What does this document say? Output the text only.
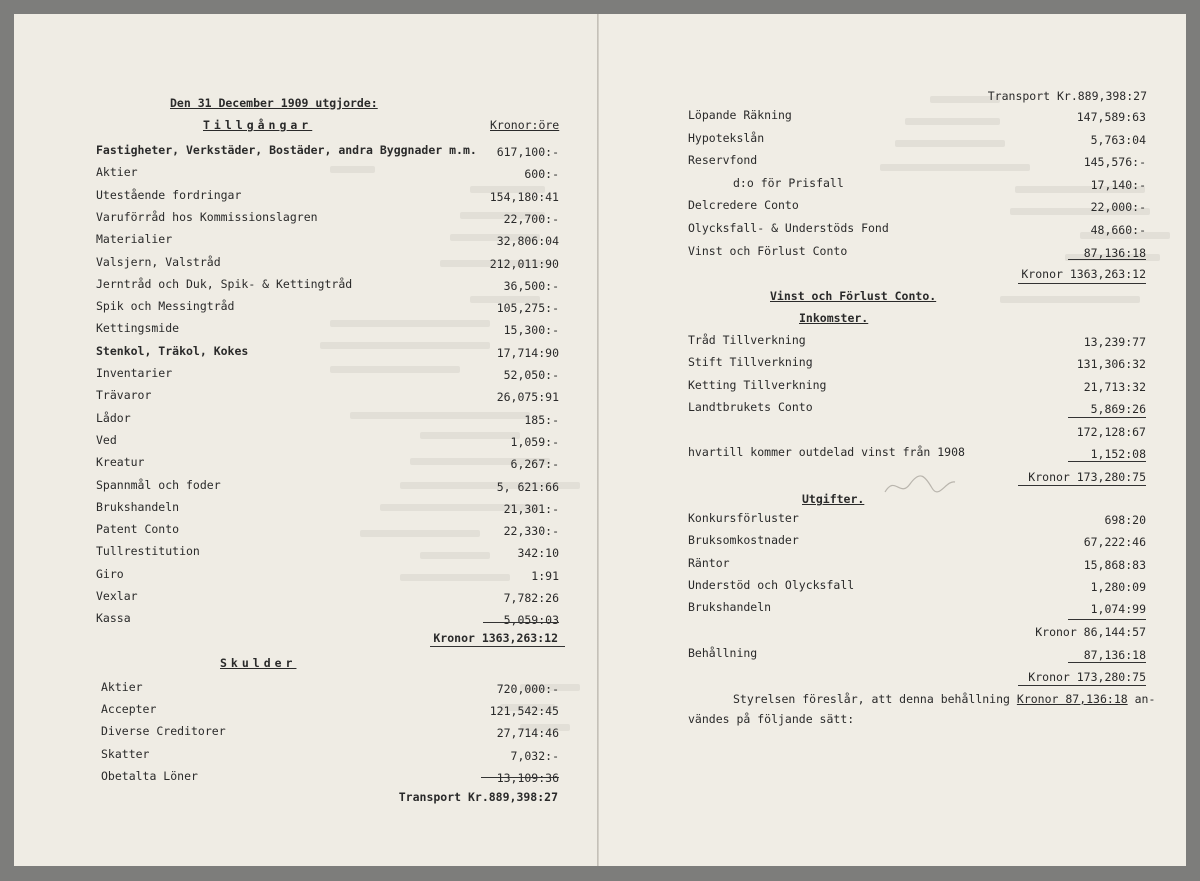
Den 31 December 1909 utgjorde:
Tillgångar	Kronor:öre
Fastigheter, Verkstäder, Bostäder, andra Byggnader m.m.	617,100:-
Aktier	600:-
Utestående fordringar	154,180:41
Varuförråd hos Kommissionslagren	22,700:-
Materialier	32,806:04
Valsjern, Valstråd	212,011:90
Jerntråd och Duk, Spik- & Kettingtråd	36,500:-
Spik och Messingtråd	105,275:-
Kettingsmide	15,300:-
Stenkol, Träkol, Kokes	17,714:90
Inventarier	52,050:-
Trävaror	26,075:91
Lådor	185:-
Ved	1,059:-
Kreatur	6,267:-
Spannmål och foder	5, 621:66
Brukshandeln	21,301:-
Patent Conto	22,330:-
Tullrestitution	342:10
Giro	1:91
Vexlar	7,782:26
Kassa	5,059:03
Kronor 1363,263:12
Skulder
Aktier	720,000:-
Accepter	121,542:45
Diverse Creditorer	27,714:46
Skatter	7,032:-
Obetalta Löner	13,109:36
Transport Kr.889,398:27
Transport Kr.889,398:27
Löpande Räkning	147,589:63
Hypotekslån	5,763:04
Reservfond	145,576:-
d:o för Prisfall	17,140:-
Delcredere Conto	22,000:-
Olycksfall- & Understöds Fond	48,660:-
Vinst och Förlust Conto	87,136:18
Kronor 1363,263:12
Vinst och Förlust Conto.
Inkomster.
Tråd Tillverkning	13,239:77
Stift Tillverkning	131,306:32
Ketting Tillverkning	21,713:32
Landtbrukets Conto	5,869:26
172,128:67
hvartill kommer outdelad vinst från 1908	1,152:08
Kronor 173,280:75
Utgifter.
Konkursförluster	698:20
Bruksomkostnader	67,222:46
Räntor	15,868:83
Understöd och Olycksfall	1,280:09
Brukshandeln	1,074:99
Kronor 86,144:57
Behållning	87,136:18
Kronor 173,280:75
Styrelsen föreslår, att denna behållning Kronor 87,136:18 an-
vändes på följande sätt:
